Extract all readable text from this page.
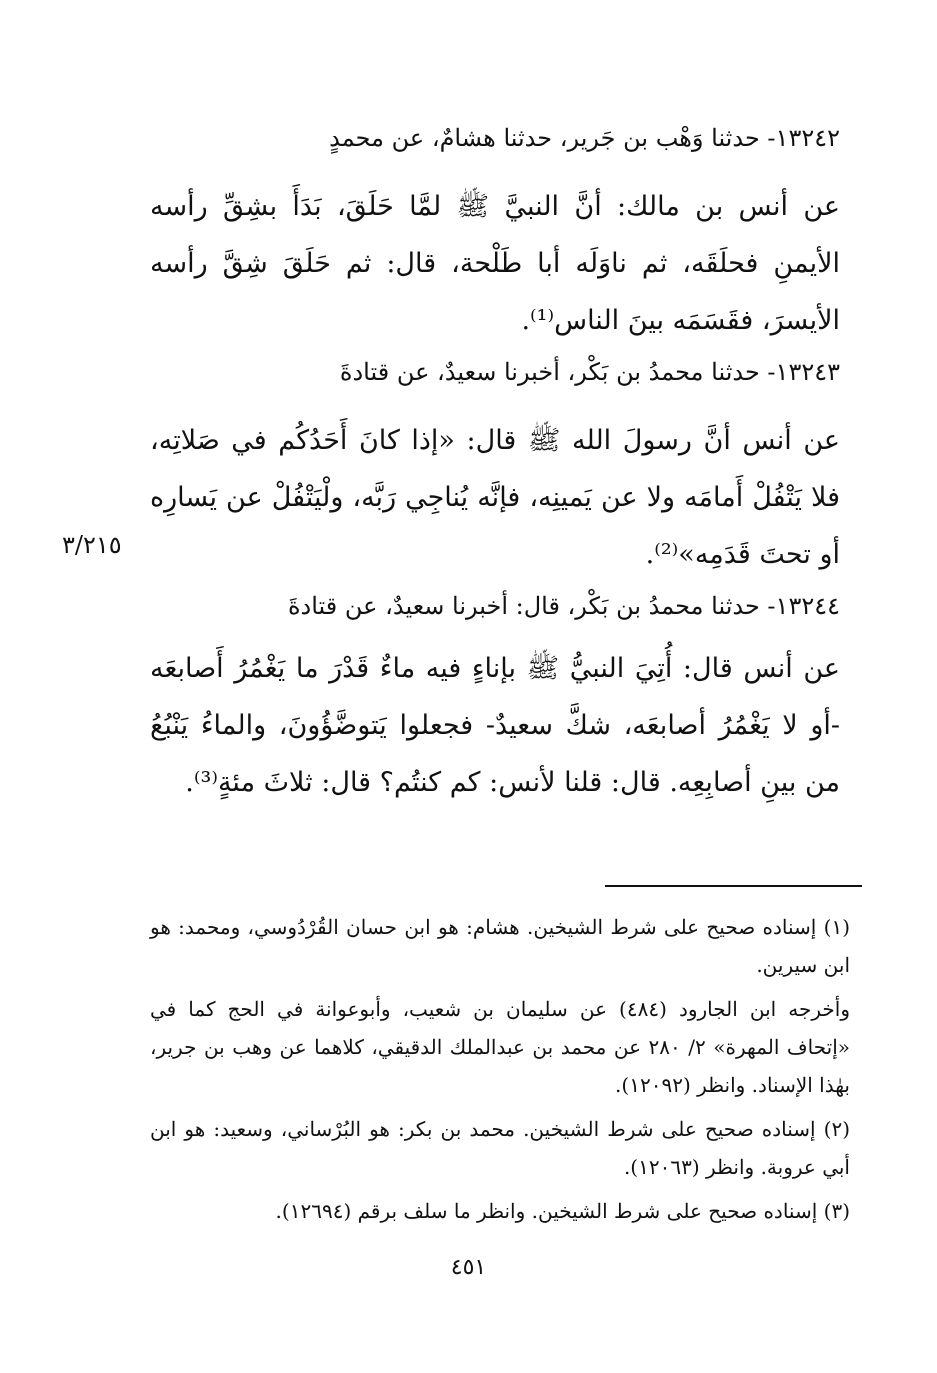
١٣٢٤٢- حدثنا وَهْب بن جَرير، حدثنا هشامٌ، عن محمدٍ
عن أنس بن مالك: أنَّ النبيَّ ﷺ لمَّا حَلَقَ، بَدَأَ بشِقِّ رأسه الأيمنِ فحلَقَه، ثم ناوَلَه أبا طَلْحة، قال: ثم حَلَقَ شِقَّ رأسه الأيسرَ، فقَسَمَه بينَ الناس⁽¹⁾.
١٣٢٤٣- حدثنا محمدُ بن بَكْر، أخبرنا سعيدٌ، عن قتادةَ
عن أنس أنَّ رسولَ الله ﷺ قال: «إذا كانَ أَحَدُكُم في صَلاتِه، فلا يَتْفُلْ أَمامَه ولا عن يَمينِه، فإنَّه يُناجِي رَبَّه، ولْيَتْفُلْ عن يَسارِه أو تحتَ قَدَمِه»⁽²⁾.
٣/٢١٥
١٣٢٤٤- حدثنا محمدُ بن بَكْر، قال: أخبرنا سعيدٌ، عن قتادةَ
عن أنس قال: أُتِيَ النبيُّ ﷺ بإناءٍ فيه ماءٌ قَدْرَ ما يَغْمُرُ أَصابعَه -أو لا يَغْمُرُ أصابعَه، شكَّ سعيدٌ- فجعلوا يَتوضَّؤُونَ، والماءُ يَنْبُعُ من بينِ أصابِعِه. قال: قلنا لأنس: كم كنتُم؟ قال: ثلاثَ مئةٍ⁽³⁾.

(١) إسناده صحيح على شرط الشيخين. هشام: هو ابن حسان القُرْدُوسي، ومحمد: هو ابن سيرين.

وأخرجه ابن الجارود (٤٨٤) عن سليمان بن شعيب، وأبوعوانة في الحج كما في «إتحاف المهرة» ٢/ ٢٨٠ عن محمد بن عبدالملك الدقيقي، كلاهما عن وهب بن جرير، بهٰذا الإسناد. وانظر (١٢٠٩٢).

(٢) إسناده صحيح على شرط الشيخين. محمد بن بكر: هو البُرْساني، وسعيد: هو ابن أبي عروبة. وانظر (١٢٠٦٣).

(٣) إسناده صحيح على شرط الشيخين. وانظر ما سلف برقم (١٢٦٩٤).

٤٥١
